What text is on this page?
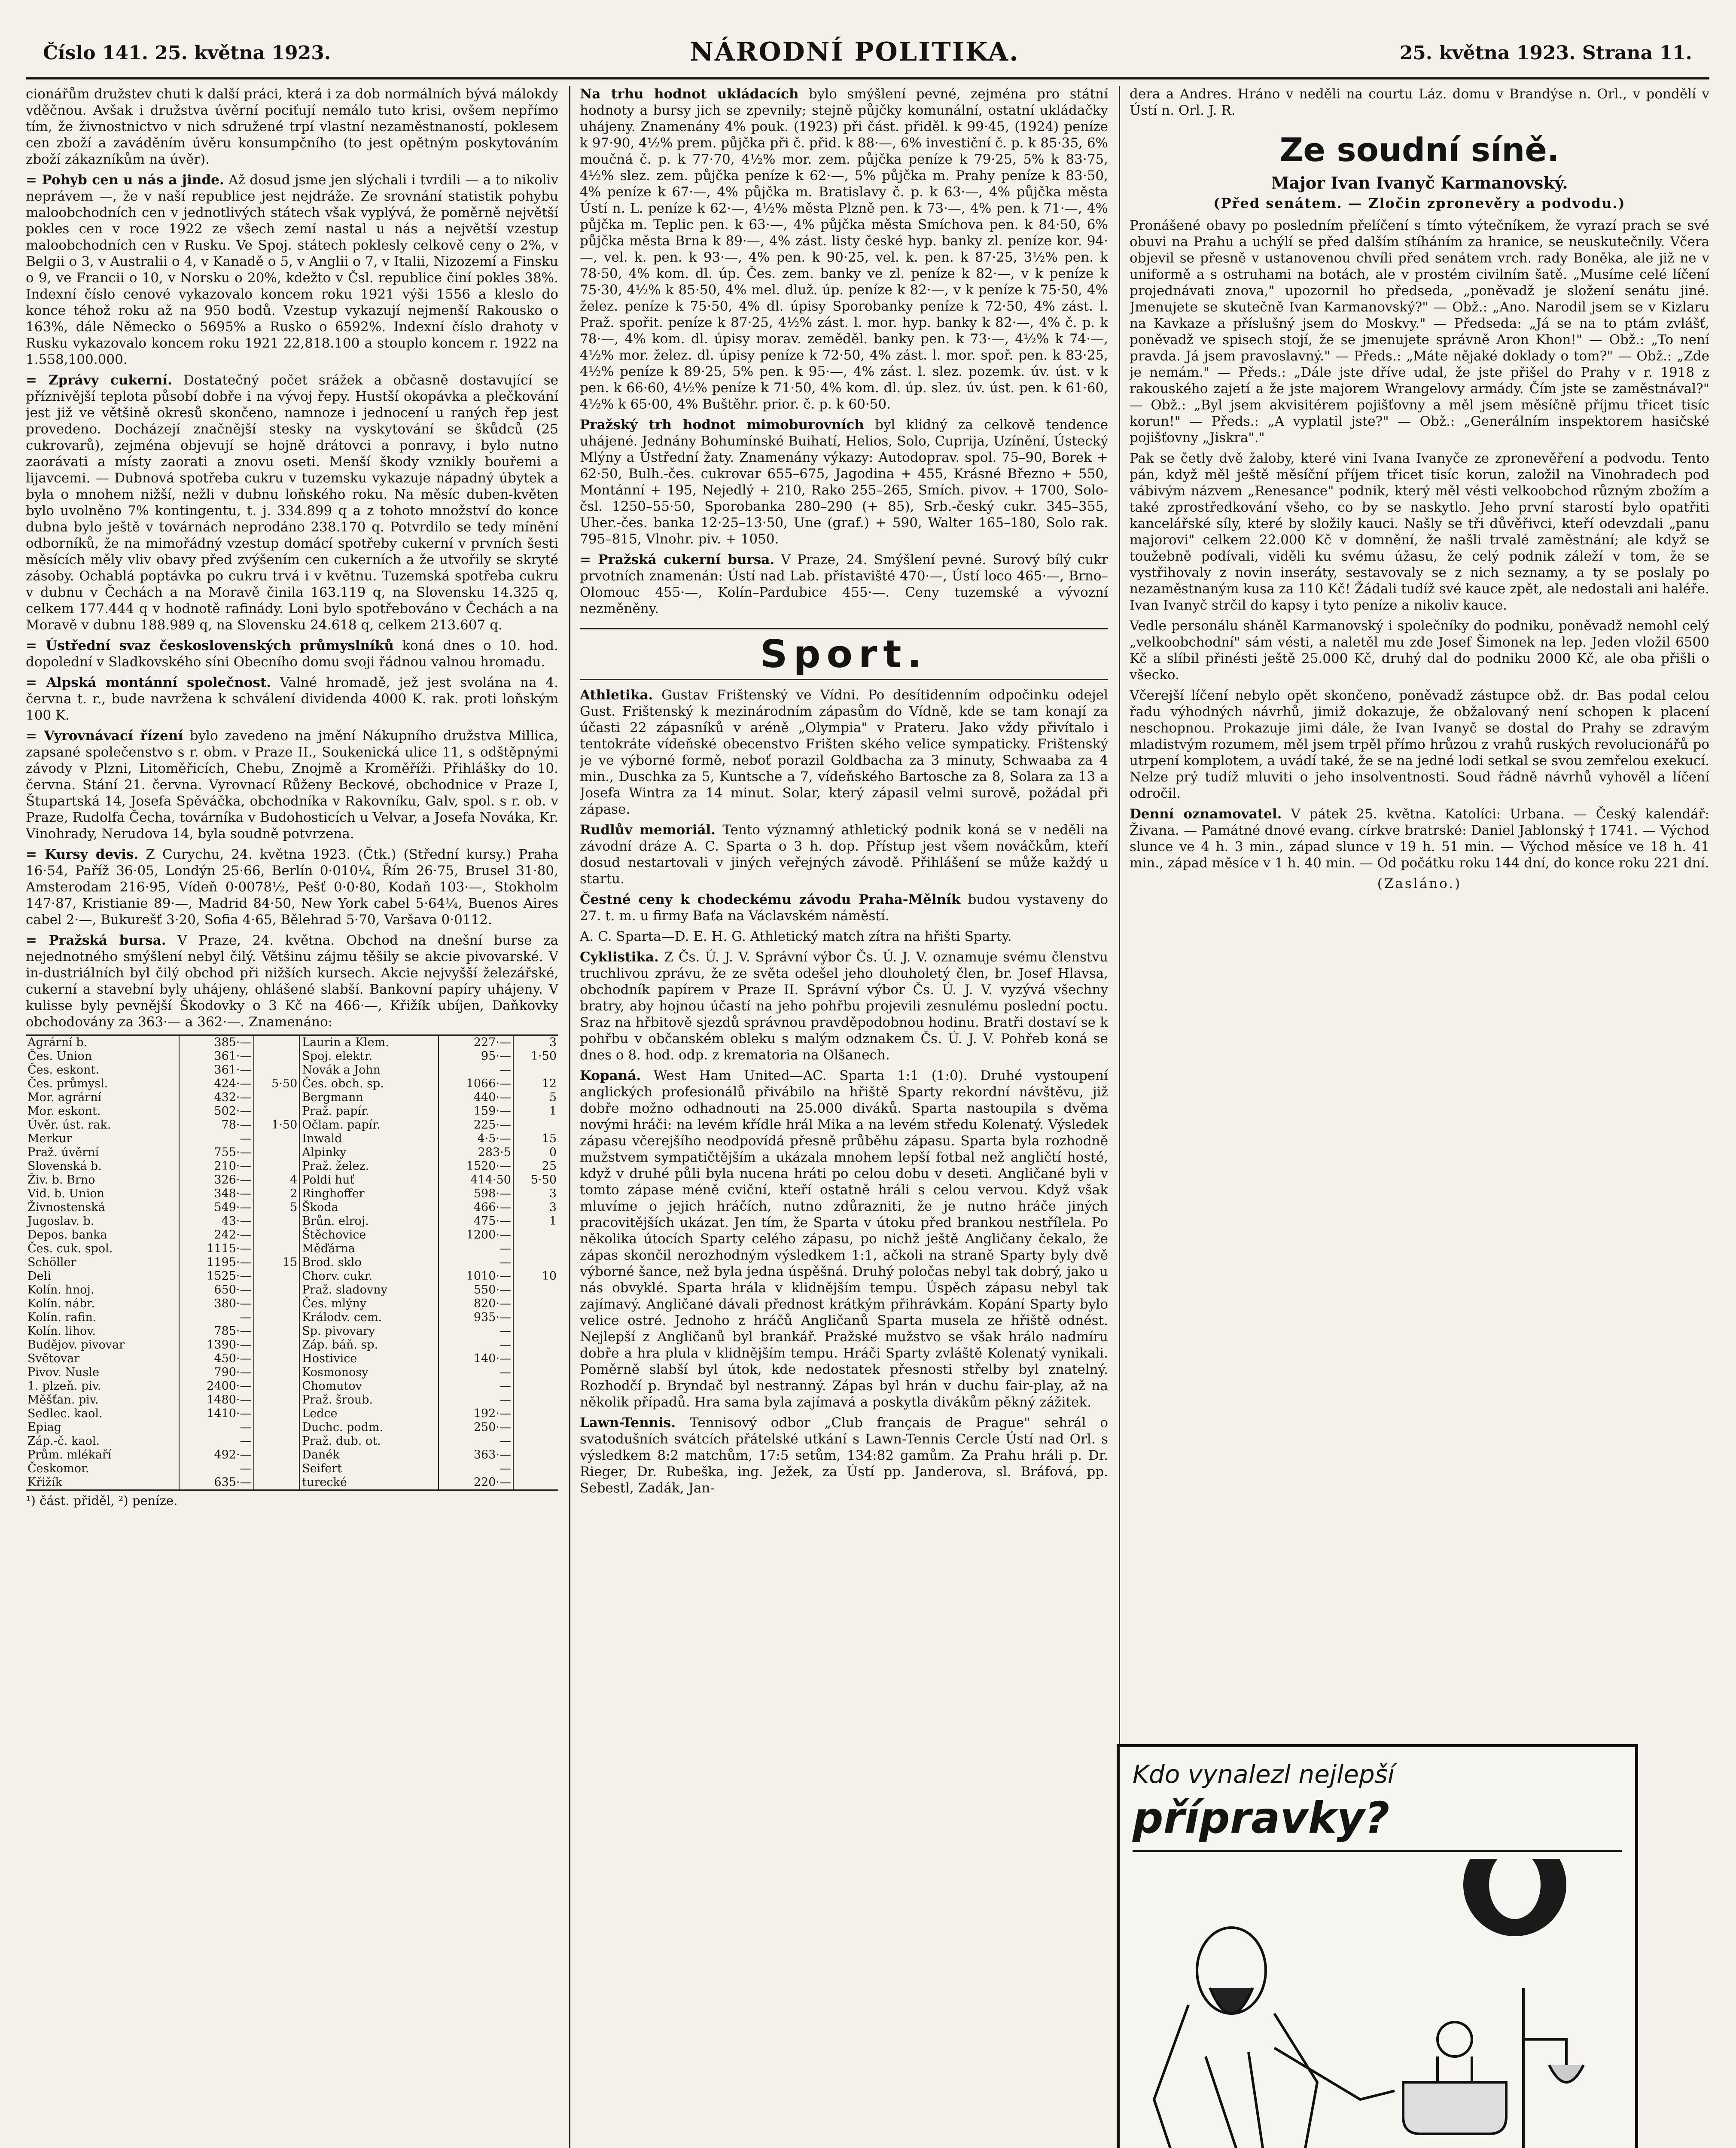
Číslo 141. 25. května 1923.	NÁRODNÍ POLITIKA.	25. května 1923. Strana 11.

cionářům družstev chuti k další práci, která i za dob normálních bývá málokdy vděčnou. Avšak i družstva úvěrní pociťují nemálo tuto krisi, ovšem nepřímo tím, že živnostnictvo v nich sdružené trpí vlastní nezaměstnaností, poklesem cen zboží a zaváděním úvěru konsumpčního (to jest opětným poskytováním zboží zákazníkům na úvěr).

= Pohyb cen u nás a jinde. Až dosud jsme jen slýchali i tvrdili — a to nikoliv neprávem —, že v naší republice jest nejdráže. Ze srovnání statistik pohybu maloobchodních cen v jednotlivých státech však vyplývá, že poměrně největší pokles cen v roce 1922 ze všech zemí nastal u nás a největší vzestup maloobchodních cen v Rusku. Ve Spoj. státech poklesly celkově ceny o 2%, v Belgii o 3, v Australii o 4, v Kanadě o 5, v Anglii o 7, v Italii, Nizozemí a Finsku o 9, ve Francii o 10, v Norsku o 20%, kdežto v Čsl. republice činí pokles 38%. Indexní číslo cenové vykazovalo koncem roku 1921 výši 1556 a kleslo do konce téhož roku až na 950 bodů. Vzestup vykazují nejmenší Rakousko o 163%, dále Německo o 5695% a Rusko o 6592%. Indexní číslo drahoty v Rusku vykazovalo koncem roku 1921 22,818.100 a stouplo koncem r. 1922 na 1.558,100.000.

= Zprávy cukerní. Dostatečný počet srážek a občasně dostavující se příznivější teplota působí dobře i na vývoj řepy. Hustší okopávka a plečkování jest již ve většině okresů skončeno, namnoze i jednocení u raných řep jest provedeno. Docházejí značnější stesky na vyskytování se škůdců (25 cukrovarů), zejména objevují se hojně drátovci a ponravy, i bylo nutno zaorávati a místy zaorati a znovu oseti. Menší škody vznikly bouřemi a lijavcemi. — Dubnová spotřeba cukru v tuzemsku vykazuje nápadný úbytek a byla o mnohem nižší, nežli v dubnu loňského roku. Na měsíc duben-květen bylo uvolněno 7% kontingentu, t. j. 334.899 q a z tohoto množství do konce dubna bylo ještě v továrnách neprodáno 238.170 q. Potvrdilo se tedy mínění odborníků, že na mimořádný vzestup domácí spotřeby cukerní v prvních šesti měsících měly vliv obavy před zvýšením cen cukerních a že utvořily se skryté zásoby. Ochablá poptávka po cukru trvá i v květnu. Tuzemská spotřeba cukru v dubnu v Čechách a na Moravě činila 163.119 q, na Slovensku 14.325 q, celkem 177.444 q v hodnotě rafinády. Loni bylo spotřebováno v Čechách a na Moravě v dubnu 188.989 q, na Slovensku 24.618 q, celkem 213.607 q.

= Ústřední svaz československých průmyslníků koná dnes o 10. hod. dopolední v Sladkovského síni Obecního domu svoji řádnou valnou hromadu.

= Alpská montánní společnost. Valné hromadě, jež jest svolána na 4. června t. r., bude navržena k schválení dividenda 4000 K. rak. proti loňským 100 K.

= Vyrovnávací řízení bylo zavedeno na jmění Nákupního družstva Millica, zapsané společenstvo s r. obm. v Praze II., Soukenická ulice 11, s odštěpnými závody v Plzni, Litoměřicích, Chebu, Znojmě a Kroměříži. Přihlášky do 10. června. Stání 21. června. Vyrovnací Růženy Beckové, obchodnice v Praze I, Štupartská 14, Josefa Spěváčka, obchodníka v Rakovníku, Galv, spol. s r. ob. v Praze, Rudolfa Čecha, továrníka v Budohosticích u Velvar, a Josefa Nováka, Kr. Vinohrady, Nerudova 14, byla soudně potvrzena.

= Kursy devis. Z Curychu, 24. května 1923. (Čtk.) (Střední kursy.) Praha 16·54, Paříž 36·05, Londýn 25·66, Berlín 0·010¼, Řím 26·75, Brusel 31·80, Amsterodam 216·95, Vídeň 0·0078½, Pešť 0·0·80, Kodaň 103·—, Stokholm 147·87, Kristianie 89·—, Madrid 84·50, New York cabel 5·64¼, Buenos Aires cabel 2·—, Bukurešť 3·20, Sofia 4·65, Bělehrad 5·70, Varšava 0·0112.

= Pražská bursa. V Praze, 24. května. Obchod na dnešní burse za nejednotného smýšlení nebyl čilý. Většinu zájmu těšily se akcie pivovarské. V in-dustriálních byl čilý obchod při nižších kursech. Akcie nejvyšší železářské, cukerní a stavební byly uhájeny, ohlášené slabší. Bankovní papíry uhájeny. V kulisse byly pevnější Škodovky o 3 Kč na 466·—, Křižík ubíjen, Daňkovky obchodovány za 363·— a 362·—. Znamenáno:

Agrární b.	385·—		Laurin a Klem.	227·—	3
Čes. Union	361·—		Spoj. elektr.	95·—	1·50
Čes. eskont.	361·—		Novák a John	—	
Čes. průmysl.	424·—	5·50	Čes. obch. sp.	1066·—	12
Mor. agrární	432·—		Bergmann	440·—	5
Mor. eskont.	502·—		Praž. papír.	159·—	1
Úvěr. úst. rak.	78·—	1·50	Očlam. papír.	225·—	
Merkur	—		Inwald	4·5·—	15
Praž. úvěrní	755·—		Alpinky	283·5	0
Slovenská b.	210·—		Praž. želez.	1520·—	25
Živ. b. Brno	326·—	4	Poldi huť	414·50	5·50
Vid. b. Union	348·—	2	Ringhoffer	598·—	3
Živnostenská	549·—	5	Škoda	466·—	3
Jugoslav. b.	43·—		Brůn. elroj.	475·—	1
Depos. banka	242·—		Štěchovice	1200·—	
Čes. cuk. spol.	1115·—		Měďárna	—	
Schöller	1195·—	15	Brod. sklo	—	
Deli	1525·—		Chorv. cukr.	1010·—	10
Kolín. hnoj.	650·—		Praž. sladovny	550·—	
Kolín. nábr.	380·—		Čes. mlýny	820·—	
Kolín. rafin.	—		Králodv. cem.	935·—	
Kolín. lihov.	785·—		Sp. pivovary	—	
Budějov. pivovar	1390·—		Záp. báň. sp.	—	
Světovar	450·—		Hostivice	140·—	
Pivov. Nusle	790·—		Kosmonosy	—	
1. plzeň. piv.	2400·—		Chomutov	—	
Měšťan. piv.	1480·—		Praž. šroub.	—	
Sedlec. kaol.	1410·—		Ledce	192·—	
Epiag	—		Duchc. podm.	250·—	
Záp.-č. kaol.	—		Praž. dub. ot.	—	
Prům. mlékaří	492·—		Danék	363·—	
Českomor.	—		Seifert	—	
Křižík	635·—		turecké	220·—	
¹) část. přiděl, ²) peníze.

Na trhu hodnot ukládacích bylo smýšlení pevné, zejména pro státní hodnoty a bursy jich se zpevnily; stejně půjčky komunální, ostatní ukládačky uhájeny. Znamenány 4% pouk. (1923) při část. přiděl. k 99·45, (1924) peníze k 97·90, 4½% prem. půjčka při č. přid. k 88·—, 6% investiční č. p. k 85·35, 6% moučná č. p. k 77·70, 4½% mor. zem. půjčka peníze k 79·25, 5% k 83·75, 4½% slez. zem. půjčka peníze k 62·—, 5% půjčka m. Prahy peníze k 83·50, 4% peníze k 67·—, 4% půjčka m. Bratislavy č. p. k 63·—, 4% půjčka města Ústí n. L. peníze k 62·—, 4½% města Plzně pen. k 73·—, 4% pen. k 71·—, 4% půjčka m. Teplic pen. k 63·—, 4% půjčka města Smíchova pen. k 84·50, 6% půjčka města Brna k 89·—, 4% zást. listy české hyp. banky zl. peníze kor. 94·—, vel. k. pen. k 93·—, 4% pen. k 90·25, vel. k. pen. k 87·25, 3½% pen. k 78·50, 4% kom. dl. úp. Čes. zem. banky ve zl. peníze k 82·—, v k peníze k 75·30, 4½% k 85·50, 4% mel. dluž. úp. peníze k 82·—, v k peníze k 75·50, 4% želez. peníze k 75·50, 4% dl. úpisy Sporobanky peníze k 72·50, 4% zást. l. Praž. spořit. peníze k 87·25, 4½% zást. l. mor. hyp. banky k 82·—, 4% č. p. k 78·—, 4% kom. dl. úpisy morav. zeměděl. banky pen. k 73·—, 4½% k 74·—, 4½% mor. želez. dl. úpisy peníze k 72·50, 4% zást. l. mor. spoř. pen. k 83·25, 4½% peníze k 89·25, 5% pen. k 95·—, 4% zást. l. slez. pozemk. úv. úst. v k pen. k 66·60, 4½% peníze k 71·50, 4% kom. dl. úp. slez. úv. úst. pen. k 61·60, 4½% k 65·00, 4% Buštěhr. prior. č. p. k 60·50.

Pražský trh hodnot mimoburovních byl klidný za celkově tendence uhájené. Jednány Bohumínské Buihatí, Helios, Solo, Cuprija, Uzínění, Ústecký Mlýny a Ústřední žaty. Znamenány výkazy: Autodoprav. spol. 75–90, Borek + 62·50, Bulh.-čes. cukrovar 655–675, Jagodina + 455, Krásné Březno + 550, Montánní + 195, Nejedlý + 210, Rako 255–265, Smích. pivov. + 1700, Solo-čsl. 1250–55·50, Sporobanka 280–290 (+ 85), Srb.-český cukr. 345–355, Uher.-čes. banka 12·25–13·50, Une (graf.) + 590, Walter 165–180, Solo rak. 795–815, Vlnohr. piv. + 1050.

= Pražská cukerní bursa. V Praze, 24. Smýšlení pevné. Surový bílý cukr prvotních znamenán: Ústí nad Lab. přístavišté 470·—, Ústí loco 465·—, Brno–Olomouc 455·—, Kolín–Pardubice 455·—. Ceny tuzemské a vývozní nezměněny.

Sport.

Athletika. Gustav Frištenský ve Vídni. Po desítidenním odpočinku odejel Gust. Frištenský k mezinárodním zápasům do Vídně, kde se tam konají za účasti 22 zápasníků v aréně „Olympia" v Prateru. Jako vždy přivítalo i tentokráte vídeňské obecenstvo Frišten ského velice sympaticky. Frištenský je ve výborné formě, neboť porazil Goldbacha za 3 minuty, Schwaaba za 4 min., Duschka za 5, Kuntsche a 7, vídeňského Bartosche za 8, Solara za 13 a Josefa Wintra za 14 minut. Solar, který zápasil velmi surově, požádal při zápase.

Rudlův memoriál. Tento významný athletický podnik koná se v neděli na závodní dráze A. C. Sparta o 3 h. dop. Přístup jest všem nováčkům, kteří dosud nestartovali v jiných veřejných závodě. Přihlášení se může každý u startu.

Čestné ceny k chodeckému závodu Praha-Mělník budou vystaveny do 27. t. m. u firmy Baťa na Václavském náměstí.

A. C. Sparta—D. E. H. G. Athletický match zítra na hřišti Sparty.

Cyklistika. Z Čs. Ú. J. V. Správní výbor Čs. Ú. J. V. oznamuje svému členstvu truchlivou zprávu, že ze světa odešel jeho dlouholetý člen, br. Josef Hlavsa, obchodník papírem v Praze II. Správní výbor Čs. Ú. J. V. vyzývá všechny bratry, aby hojnou účastí na jeho pohřbu projevili zesnulému poslední poctu. Sraz na hřbitově sjezdů správnou pravděpodobnou hodinu. Bratři dostaví se k pohřbu v občanském obleku s malým odznakem Čs. Ú. J. V. Pohřeb koná se dnes o 8. hod. odp. z krematoria na Olšanech.

Kopaná. West Ham United—AC. Sparta 1:1 (1:0). Druhé vystoupení anglických profesionálů přivábilo na hřiště Sparty rekordní návštěvu, již dobře možno odhadnouti na 25.000 diváků. Sparta nastoupila s dvěma novými hráči: na levém křídle hrál Mika a na levém středu Kolenatý. Výsledek zápasu včerejšího neodpovídá přesně průběhu zápasu. Sparta byla rozhodně mužstvem sympatičtějším a ukázala mnohem lepší fotbal než angličtí hosté, když v druhé půli byla nucena hráti po celou dobu v deseti. Angličané byli v tomto zápase méně cviční, kteří ostatně hráli s celou vervou. Když však mluvíme o jejich hráčích, nutno zdůrazniti, že je nutno hráče jiných pracovitějších ukázat. Jen tím, že Sparta v útoku před brankou nestřílela. Po několika útocích Sparty celého zápasu, po nichž ještě Angličany čekalo, že zápas skončil nerozhodným výsledkem 1:1, ačkoli na straně Sparty byly dvě výborné šance, než byla jedna úspěšná. Druhý poločas nebyl tak dobrý, jako u nás obvyklé. Sparta hrála v klidnějším tempu. Úspěch zápasu nebyl tak zajímavý. Angličané dávali přednost krátkým přihrávkám. Kopání Sparty bylo velice ostré. Jednoho z hráčů Angličanů Sparta musela ze hřiště odnést. Nejlepší z Angličanů byl brankář. Pražské mužstvo se však hrálo nadmíru dobře a hra plula v klidnějším tempu. Hráči Sparty zvláště Kolenatý vynikali. Poměrně slabší byl útok, kde nedostatek přesnosti střelby byl znatelný. Rozhodčí p. Bryndač byl nestranný. Zápas byl hrán v duchu fair-play, až na několik případů. Hra sama byla zajímavá a poskytla divákům pěkný zážitek.

Lawn-Tennis. Tennisový odbor „Club français de Prague" sehrál o svatodušních svátcích přátelské utkání s Lawn-Tennis Cercle Ústí nad Orl. s výsledkem 8:2 matchům, 17:5 setům, 134:82 gamům. Za Prahu hráli p. Dr. Rieger, Dr. Rubeška, ing. Ježek, za Ústí pp. Janderova, sl. Bráfová, pp. Sebestl, Zadák, Jan-

dera a Andres. Hráno v neděli na courtu Láz. domu v Brandýse n. Orl., v pondělí v Ústí n. Orl. J. R.

Ze soudní síně.
Major Ivan Ivanyč Karmanovský.
(Před senátem. — Zločin zpronevěry a podvodu.)

Pronášené obavy po posledním přelíčení s tímto výtečníkem, že vyrazí prach se své obuvi na Prahu a uchýlí se před dalším stíháním za hranice, se neuskutečnily. Včera objevil se přesně v ustanovenou chvíli před senátem vrch. rady Boněka, ale již ne v uniformě a s ostruhami na botách, ale v prostém civilním šatě. „Musíme celé líčení projednávati znova," upozornil ho předseda, „poněvadž je složení senátu jiné. Jmenujete se skutečně Ivan Karmanovský?" — Obž.: „Ano. Narodil jsem se v Kizlaru na Kavkaze a příslušný jsem do Moskvy." — Předseda: „Já se na to ptám zvlášť, poněvadž ve spisech stojí, že se jmenujete správně Aron Khon!" — Obž.: „To není pravda. Já jsem pravoslavný." — Předs.: „Máte nějaké doklady o tom?" — Obž.: „Zde je nemám." — Předs.: „Dále jste dříve udal, že jste přišel do Prahy v r. 1918 z rakouského zajetí a že jste majorem Wrangelovy armády. Čím jste se zaměstnával?" — Obž.: „Byl jsem akvisitérem pojišťovny a měl jsem měsíčně příjmu třicet tisíc korun!" — Předs.: „A vyplatil jste?" — Obž.: „Generálním inspektorem hasičské pojišťovny „Jiskra"."

Pak se četly dvě žaloby, které vini Ivana Ivanyče ze zpronevěření a podvodu. Tento pán, když měl ještě měsíční příjem třicet tisíc korun, založil na Vinohradech pod vábivým názvem „Renesance" podnik, který měl vésti velkoobchod různým zbožím a také zprostředkování všeho, co by se naskytlo. Jeho první starostí bylo opatřiti kancelářské síly, které by složily kauci. Našly se tři důvěřivci, kteří odevzdali „panu majorovi" celkem 22.000 Kč v domnění, že našli trvalé zaměstnání; ale když se toužebně podívali, viděli ku svému úžasu, že celý podnik záleží v tom, že se vystřihovaly z novin inseráty, sestavovaly se z nich seznamy, a ty se poslaly po nezaměstnaným kusa za 110 Kč! Žádali tudíž své kauce zpět, ale nedostali ani haléře. Ivan Ivanyč strčil do kapsy i tyto peníze a nikoliv kauce.

Vedle personálu sháněl Karmanovský i společníky do podniku, poněvadž nemohl celý „velkoobchodní" sám vésti, a naletěl mu zde Josef Šimonek na lep. Jeden vložil 6500 Kč a slíbil přinésti ještě 25.000 Kč, druhý dal do podniku 2000 Kč, ale oba přišli o všecko.

Včerejší líčení nebylo opět skončeno, poněvadž zástupce obž. dr. Bas podal celou řadu výhodných návrhů, jimiž dokazuje, že obžalovaný není schopen k placení neschopnou. Prokazuje jimi dále, že Ivan Ivanyč se dostal do Prahy se zdravým mladistvým rozumem, měl jsem trpěl přímo hrůzou z vrahů ruských revolucionářů po utrpení komplotem, a uvádí také, že se na jedné lodi setkal se svou zemřelou exekucí. Nelze prý tudíž mluviti o jeho insolventnosti. Soud řádně návrhů vyhověl a líčení odročil.

Denní oznamovatel. V pátek 25. května. Katolíci: Urbana. — Český kalendář: Živana. — Památné dnové evang. církve bratrské: Daniel Jablonský † 1741. — Východ slunce ve 4 h. 3 min., západ slunce v 19 h. 51 min. — Východ měsíce ve 18 h. 41 min., západ měsíce v 1 h. 40 min. — Od počátku roku 144 dní, do konce roku 221 dní.

(Zasláno.)

Kdo vynalezl nejlepší
přípravky?
